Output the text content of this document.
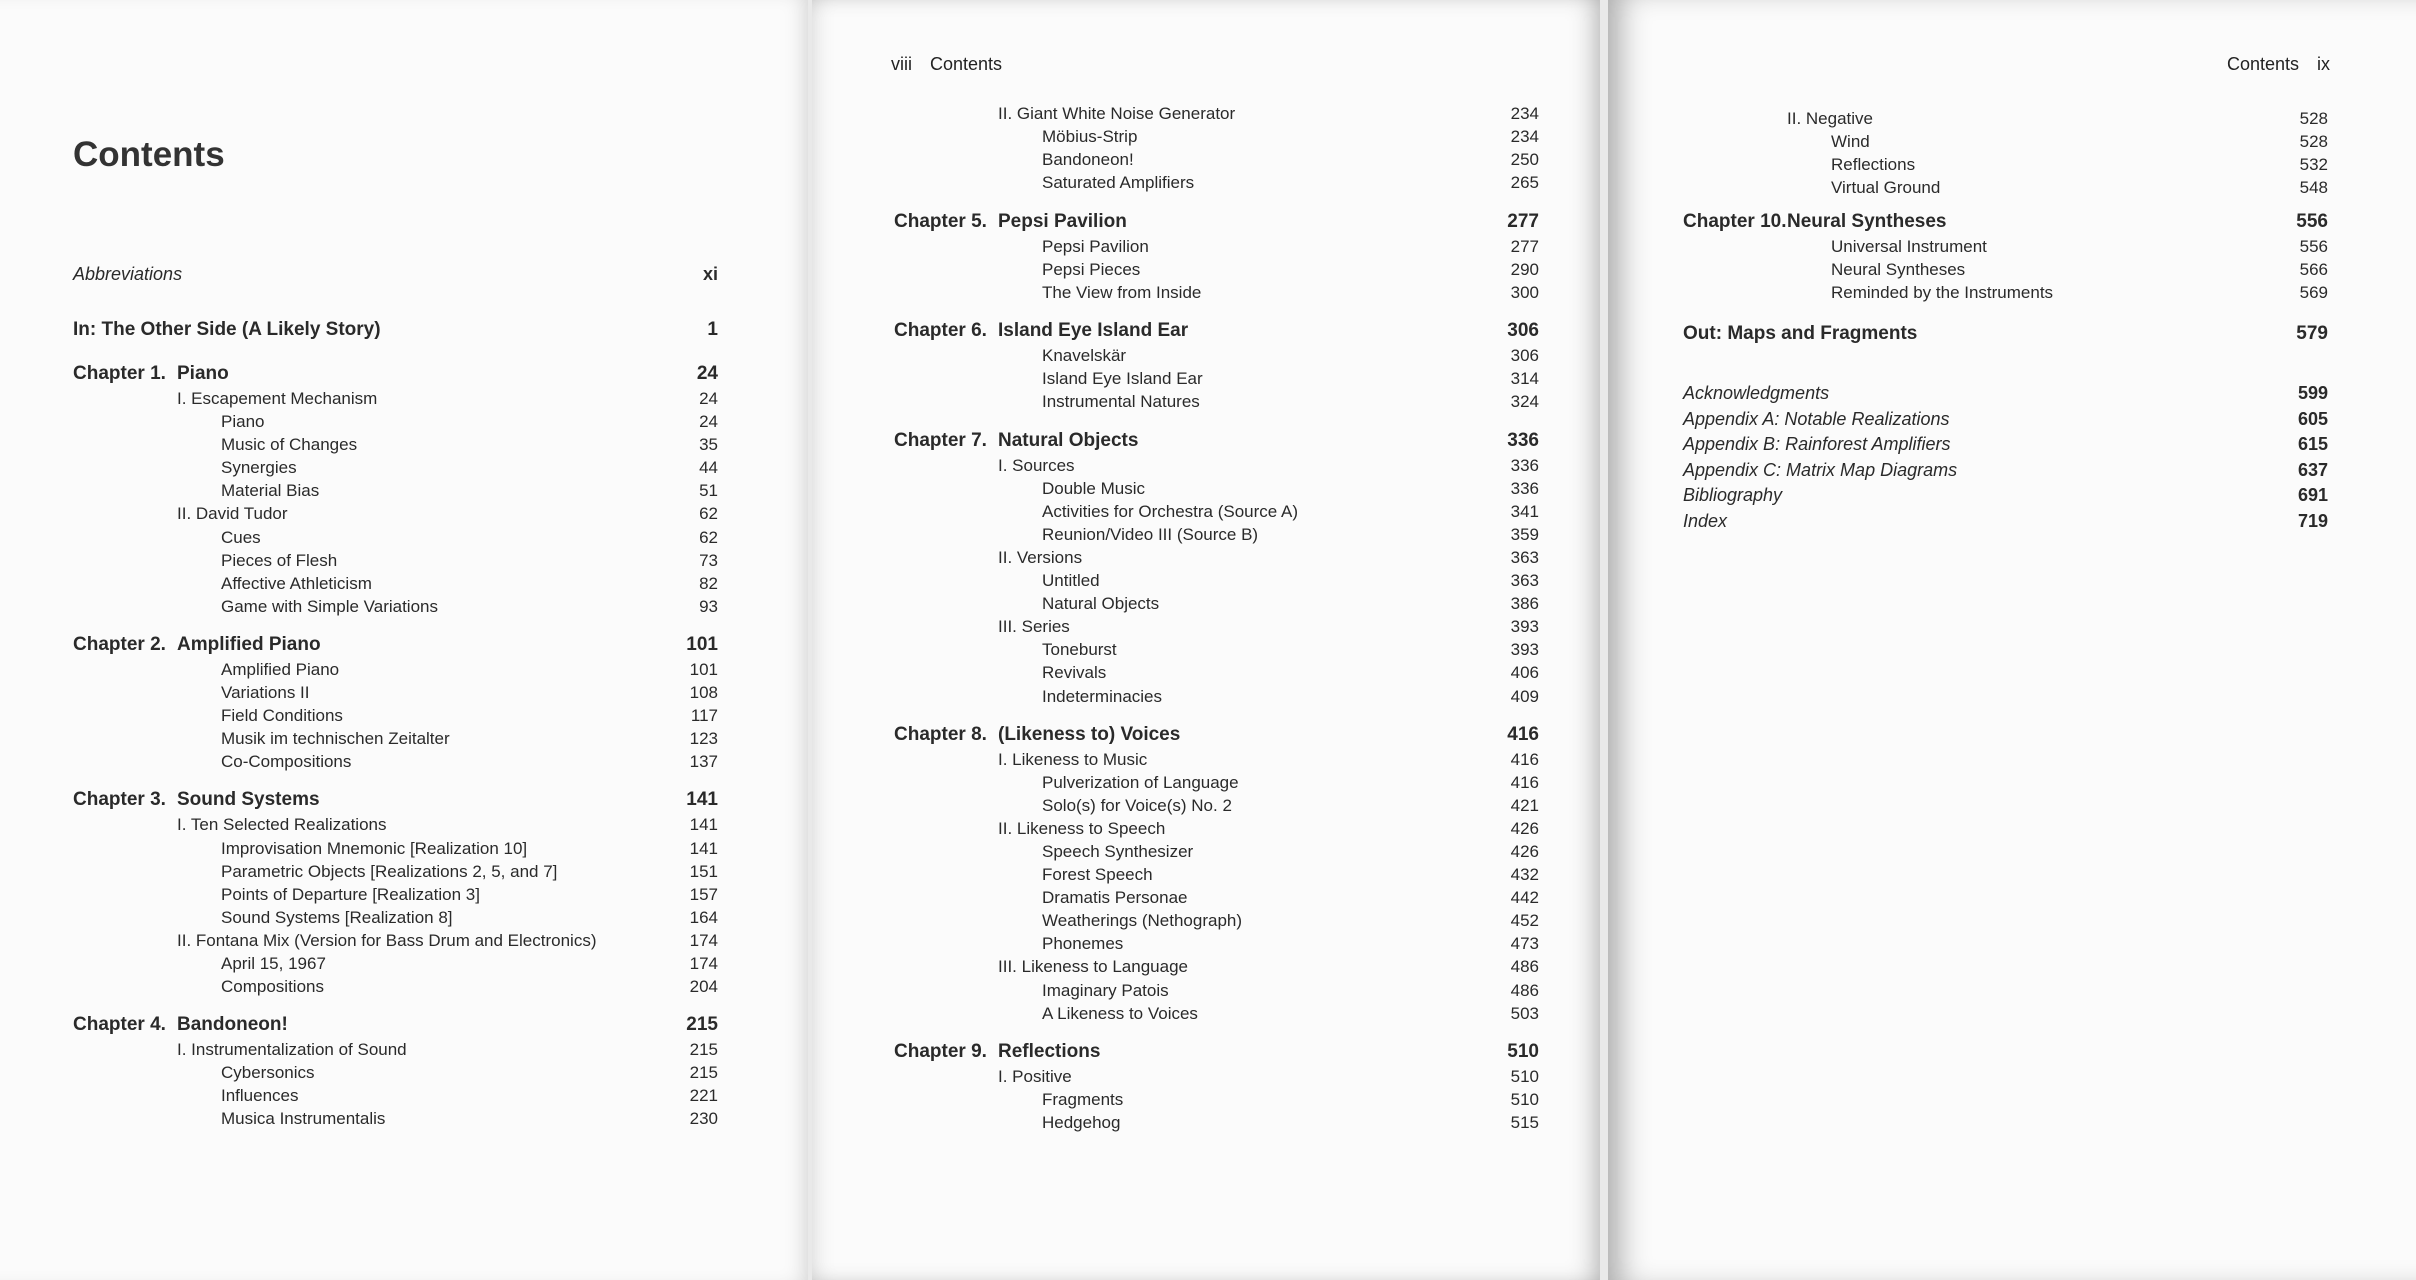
Contents
Abbreviations	xi
In: The Other Side (A Likely Story)	1
Chapter 1. Piano	24
I. Escapement Mechanism	24
Piano	24
Music of Changes	35
Synergies	44
Material Bias	51
II. David Tudor	62
Cues	62
Pieces of Flesh	73
Affective Athleticism	82
Game with Simple Variations	93
Chapter 2. Amplified Piano	101
Amplified Piano	101
Variations II	108
Field Conditions	117
Musik im technischen Zeitalter	123
Co-Compositions	137
Chapter 3. Sound Systems	141
I. Ten Selected Realizations	141
Improvisation Mnemonic [Realization 10]	141
Parametric Objects [Realizations 2, 5, and 7]	151
Points of Departure [Realization 3]	157
Sound Systems [Realization 8]	164
II. Fontana Mix (Version for Bass Drum and Electronics)	174
April 15, 1967	174
Compositions	204
Chapter 4. Bandoneon!	215
I. Instrumentalization of Sound	215
Cybersonics	215
Influences	221
Musica Instrumentalis	230
viii Contents
II. Giant White Noise Generator	234
Möbius-Strip	234
Bandoneon!	250
Saturated Amplifiers	265
Chapter 5. Pepsi Pavilion	277
Pepsi Pavilion	277
Pepsi Pieces	290
The View from Inside	300
Chapter 6. Island Eye Island Ear	306
Knavelskär	306
Island Eye Island Ear	314
Instrumental Natures	324
Chapter 7. Natural Objects	336
I. Sources	336
Double Music	336
Activities for Orchestra (Source A)	341
Reunion/Video III (Source B)	359
II. Versions	363
Untitled	363
Natural Objects	386
III. Series	393
Toneburst	393
Revivals	406
Indeterminacies	409
Chapter 8. (Likeness to) Voices	416
I. Likeness to Music	416
Pulverization of Language	416
Solo(s) for Voice(s) No. 2	421
II. Likeness to Speech	426
Speech Synthesizer	426
Forest Speech	432
Dramatis Personae	442
Weatherings (Nethograph)	452
Phonemes	473
III. Likeness to Language	486
Imaginary Patois	486
A Likeness to Voices	503
Chapter 9. Reflections	510
I. Positive	510
Fragments	510
Hedgehog	515
Contents ix
II. Negative	528
Wind	528
Reflections	532
Virtual Ground	548
Chapter 10.Neural Syntheses	556
Universal Instrument	556
Neural Syntheses	566
Reminded by the Instruments	569
Out: Maps and Fragments	579
Acknowledgments	599
Appendix A: Notable Realizations	605
Appendix B: Rainforest Amplifiers	615
Appendix C: Matrix Map Diagrams	637
Bibliography	691
Index	719
